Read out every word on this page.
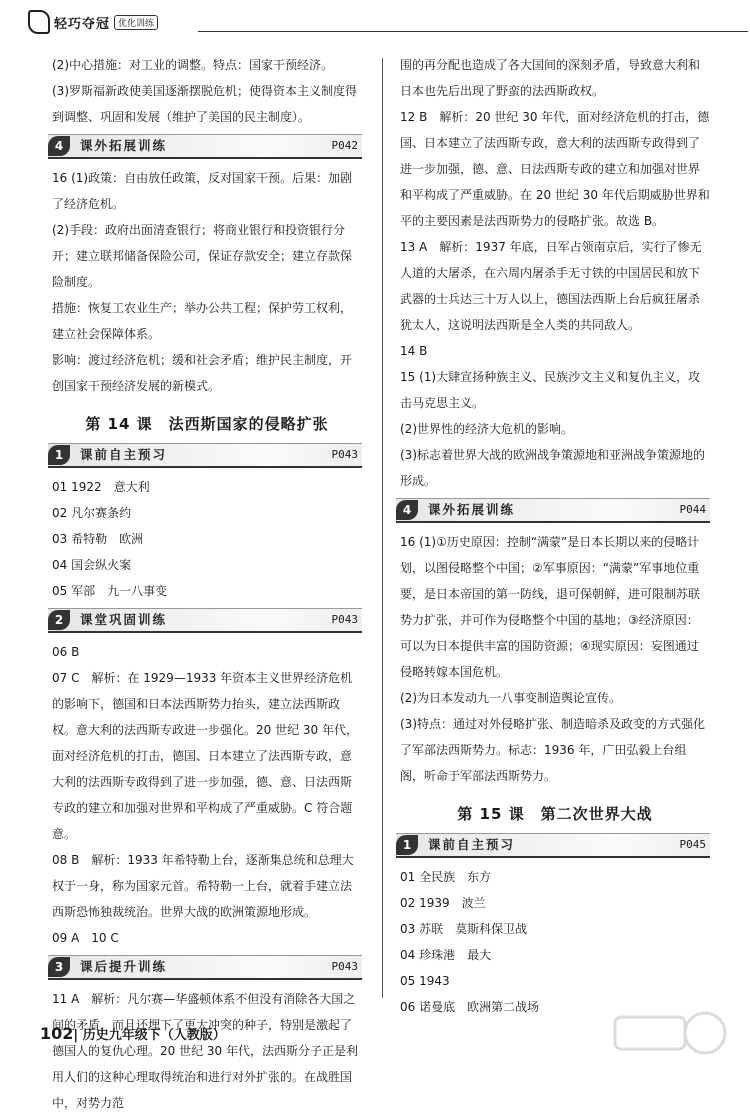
轻巧夺冠 优化训练

(2)中心措施：对工业的调整。特点：国家干预经济。

(3)罗斯福新政使美国逐渐摆脱危机；使得资本主义制度得到调整、巩固和发展（维护了美国的民主制度）。

4	课外拓展训练	P042

16 (1)政策：自由放任政策，反对国家干预。后果：加剧了经济危机。

(2)手段：政府出面清查银行；将商业银行和投资银行分开；建立联邦储备保险公司，保证存款安全；建立存款保险制度。

措施：恢复工农业生产；举办公共工程；保护劳工权利，建立社会保障体系。

影响：渡过经济危机；缓和社会矛盾；维护民主制度，开创国家干预经济发展的新模式。

第 14 课　法西斯国家的侵略扩张
1	课前自主预习	P043

01 1922　意大利

02 凡尔赛条约

03 希特勒　欧洲

04 国会纵火案

05 军部　九一八事变

2	课堂巩固训练	P043

06 B

07 C　解析：在 1929—1933 年资本主义世界经济危机的影响下，德国和日本法西斯势力抬头，建立法西斯政权。意大利的法西斯专政进一步强化。20 世纪 30 年代，面对经济危机的打击，德国、日本建立了法西斯专政，意大利的法西斯专政得到了进一步加强，德、意、日法西斯专政的建立和加强对世界和平构成了严重威胁。C 符合题意。

08 B　解析：1933 年希特勒上台，逐渐集总统和总理大权于一身，称为国家元首。希特勒一上台，就着手建立法西斯恐怖独裁统治。世界大战的欧洲策源地形成。

09 A　10 C

3	课后提升训练	P043

11 A　解析：凡尔赛—华盛顿体系不但没有消除各大国之间的矛盾，而且还埋下了更大冲突的种子，特别是激起了德国人的复仇心理。20 世纪 30 年代，法西斯分子正是利用人们的这种心理取得统治和进行对外扩张的。在战胜国中，对势力范

围的再分配也造成了各大国间的深刻矛盾，导致意大利和日本也先后出现了野蛮的法西斯政权。

12 B　解析：20 世纪 30 年代，面对经济危机的打击，德国、日本建立了法西斯专政，意大利的法西斯专政得到了进一步加强，德、意、日法西斯专政的建立和加强对世界和平构成了严重威胁。在 20 世纪 30 年代后期威胁世界和平的主要因素是法西斯势力的侵略扩张。故选 B。

13 A　解析：1937 年底，日军占领南京后，实行了惨无人道的大屠杀，在六周内屠杀手无寸铁的中国居民和放下武器的士兵达三十万人以上，德国法西斯上台后疯狂屠杀犹太人，这说明法西斯是全人类的共同敌人。

14 B

15 (1)大肆宣扬种族主义、民族沙文主义和复仇主义，攻击马克思主义。

(2)世界性的经济大危机的影响。

(3)标志着世界大战的欧洲战争策源地和亚洲战争策源地的形成。

4	课外拓展训练	P044

16 (1)①历史原因：控制“满蒙”是日本长期以来的侵略计划，以图侵略整个中国；②军事原因：“满蒙”军事地位重要，是日本帝国的第一防线，退可保朝鲜，进可限制苏联势力扩张，并可作为侵略整个中国的基地；③经济原因：可以为日本提供丰富的国防资源；④现实原因：妄图通过侵略转嫁本国危机。

(2)为日本发动九一八事变制造舆论宣传。

(3)特点：通过对外侵略扩张、制造暗杀及政变的方式强化了军部法西斯势力。标志：1936 年，广田弘毅上台组阁，听命于军部法西斯势力。

第 15 课　第二次世界大战
1	课前自主预习	P045

01 全民族　东方

02 1939　波兰

03 苏联　莫斯科保卫战

04 珍珠港　最大

05 1943

06 诺曼底　欧洲第二战场

102| 历史九年级下（人教版）
